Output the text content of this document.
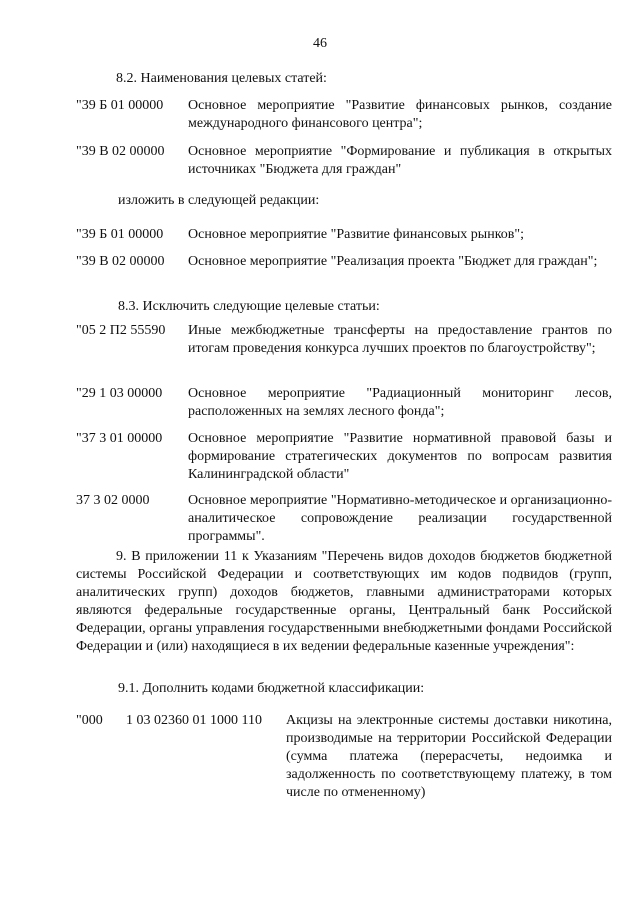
46
8.2. Наименования целевых статей:
"39 Б 01 00000 Основное мероприятие "Развитие финансовых рынков, создание международного финансового центра";
"39 В 02 00000 Основное мероприятие "Формирование и публикация в открытых источниках "Бюджета для граждан"
изложить в следующей редакции:
"39 Б 01 00000 Основное мероприятие "Развитие финансовых рынков";
"39 В 02 00000 Основное мероприятие "Реализация проекта "Бюджет для граждан";
8.3. Исключить следующие целевые статьи:
"05 2 П2 55590 Иные межбюджетные трансферты на предоставление грантов по итогам проведения конкурса лучших проектов по благоустройству";
"29 1 03 00000 Основное мероприятие "Радиационный мониторинг лесов, расположенных на землях лесного фонда";
"37 3 01 00000 Основное мероприятие "Развитие нормативной правовой базы и формирование стратегических документов по вопросам развития Калининградской области"
37 3 02 0000	Основное мероприятие "Нормативно-методическое и организационно-аналитическое сопровождение реализации государственной программы".
9. В приложении 11 к Указаниям "Перечень видов доходов бюджетов бюджетной системы Российской Федерации и соответствующих им кодов подвидов (групп, аналитических групп) доходов бюджетов, главными администраторами которых являются федеральные государственные органы, Центральный банк Российской Федерации, органы управления государственными внебюджетными фондами Российской Федерации и (или) находящиеся в их ведении федеральные казенные учреждения":
9.1. Дополнить кодами бюджетной классификации:
"000 1 03 02360 01 1000 110 Акцизы на электронные системы доставки никотина, производимые на территории Российской Федерации (сумма платежа (перерасчеты, недоимка и задолженность по соответствующему платежу, в том числе по отмененному)
